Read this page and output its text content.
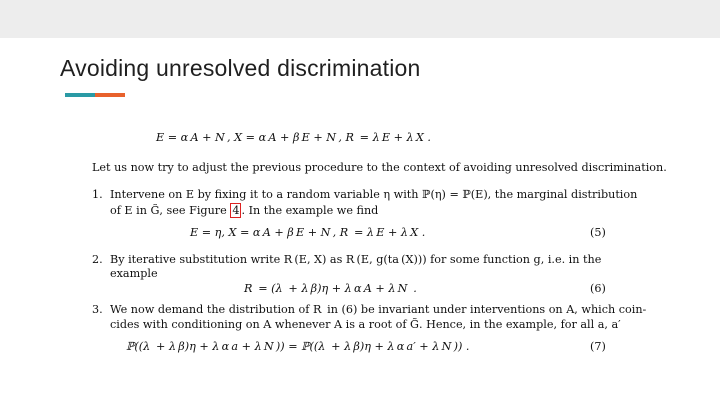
Avoiding unresolved discrimination
E = α A + N , X = α A + β E + N , R  = λ E + λ X .
Let us now try to adjust the previous procedure to the context of avoiding unresolved discrimination.
1. Intervene on E by fixing it to a random variable η with ℙ(η) = ℙ(E), the marginal distribution
of E in G̃, see Figure 4 . In the example we find
E = η, X = α A + β E + N , R  = λ E + λ X .	(5)
2. By iterative substitution write R (E, X) as R (E, g(ta (X))) for some function g, i.e. in the
example
R  = (λ  + λ β)η + λ α A + λ N  .	(6)
3. We now demand the distribution of R  in (6) be invariant under interventions on A, which coin-
cides with conditioning on A whenever A is a root of G̃. Hence, in the example, for all a, a′
ℙ((λ  + λ β)η + λ α a + λ N )) = ℙ((λ  + λ β)η + λ α a′ + λ N )) .	(7)
